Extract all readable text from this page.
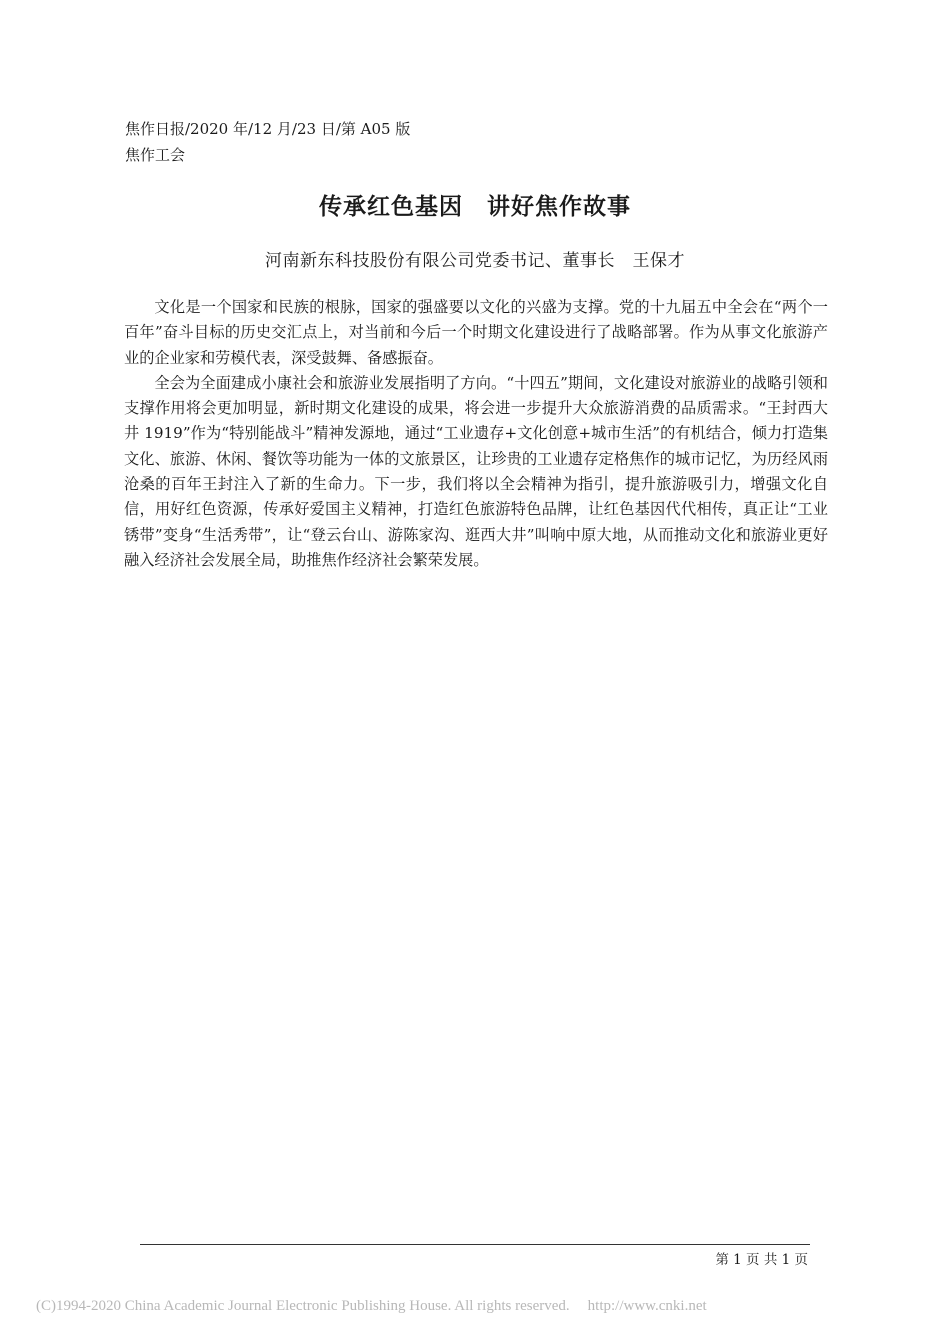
焦作日报/2020 年/12 月/23 日/第 A05 版
焦作工会
传承红色基因　讲好焦作故事
河南新东科技股份有限公司党委书记、董事长　王保才

文化是一个国家和民族的根脉，国家的强盛要以文化的兴盛为支撑。党的十九届五中全会在“两个一百年”奋斗目标的历史交汇点上，对当前和今后一个时期文化建设进行了战略部署。作为从事文化旅游产业的企业家和劳模代表，深受鼓舞、备感振奋。

全会为全面建成小康社会和旅游业发展指明了方向。“十四五”期间，文化建设对旅游业的战略引领和支撑作用将会更加明显，新时期文化建设的成果，将会进一步提升大众旅游消费的品质需求。“王封西大井 1919”作为“特别能战斗”精神发源地，通过“工业遗存+文化创意+城市生活”的有机结合，倾力打造集文化、旅游、休闲、餐饮等功能为一体的文旅景区，让珍贵的工业遗存定格焦作的城市记忆，为历经风雨沧桑的百年王封注入了新的生命力。下一步，我们将以全会精神为指引，提升旅游吸引力，增强文化自信，用好红色资源，传承好爱国主义精神，打造红色旅游特色品牌，让红色基因代代相传，真正让“工业锈带”变身“生活秀带”，让“登云台山、游陈家沟、逛西大井”叫响中原大地，从而推动文化和旅游业更好融入经济社会发展全局，助推焦作经济社会繁荣发展。

第 1 页 共 1 页
(C)1994-2020 China Academic Journal Electronic Publishing House. All rights reserved. http://www.cnki.net
